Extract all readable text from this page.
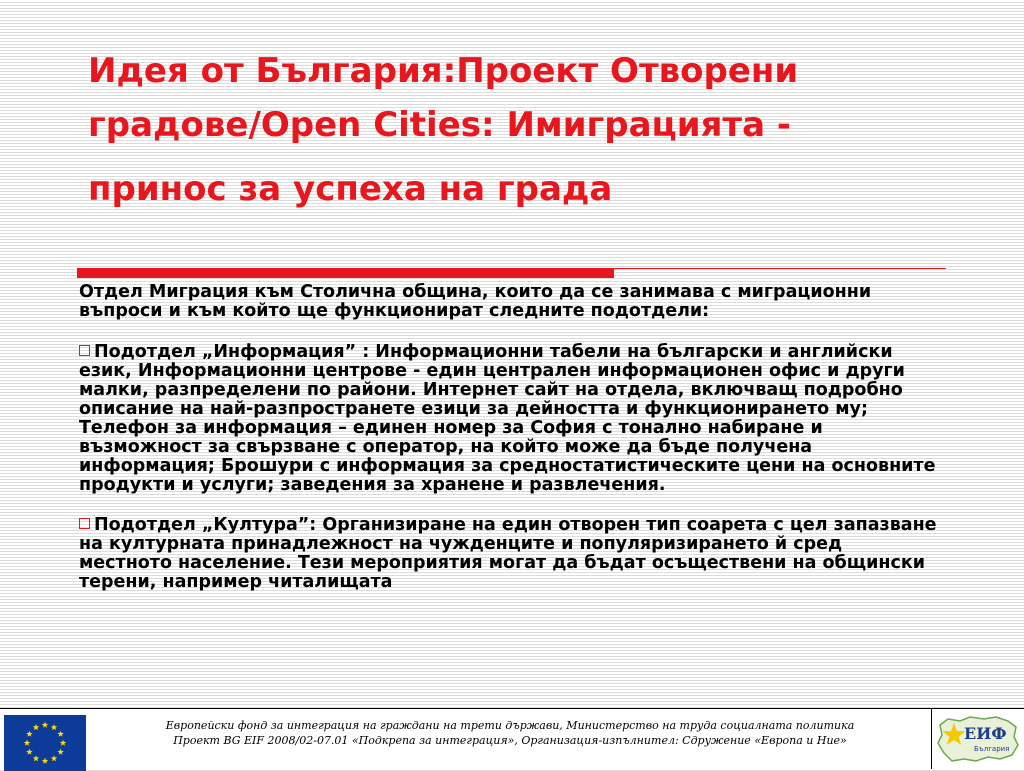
Идея от България:Проект Отворени
градове/Open Cities: Имиграцията -
принос за успеха на града

Отдел Миграция към Столична община, които да се занимава с миграционни въпроси и към който ще функционират следните подотдели:

Подотдел „Информация” : Информационни табели на български и английски език, Информационни центрове - един централен информационен офис и други малки, разпределени по райони. Интернет сайт на отдела, включващ подробно описание на най-разпространете езици за дейността и функционирането му; Телефон за информация – единен номер за София с тонално набиране и възможност за свързване с оператор, на който може да бъде получена информация; Брошури с информация за средностатистическите цени на основните продукти и услуги; заведения за хранене и развлечения.

Подотдел „Култура”: Организиране на един отворен тип соарета с цел запазване на културната принадлежност на чужденците и популяризирането й сред местното население. Тези мероприятия могат да бъдат осъществени на общински терени, например читалищата

Европейски фонд за интеграция на граждани на трети държави, Министерство на труда социалната политика
Проект BG EIF 2008/02-07.01 «Подкрепа за интеграция», Организация-изпълнител: Сдружение «Европа и Ние»	ЕИФ
България
